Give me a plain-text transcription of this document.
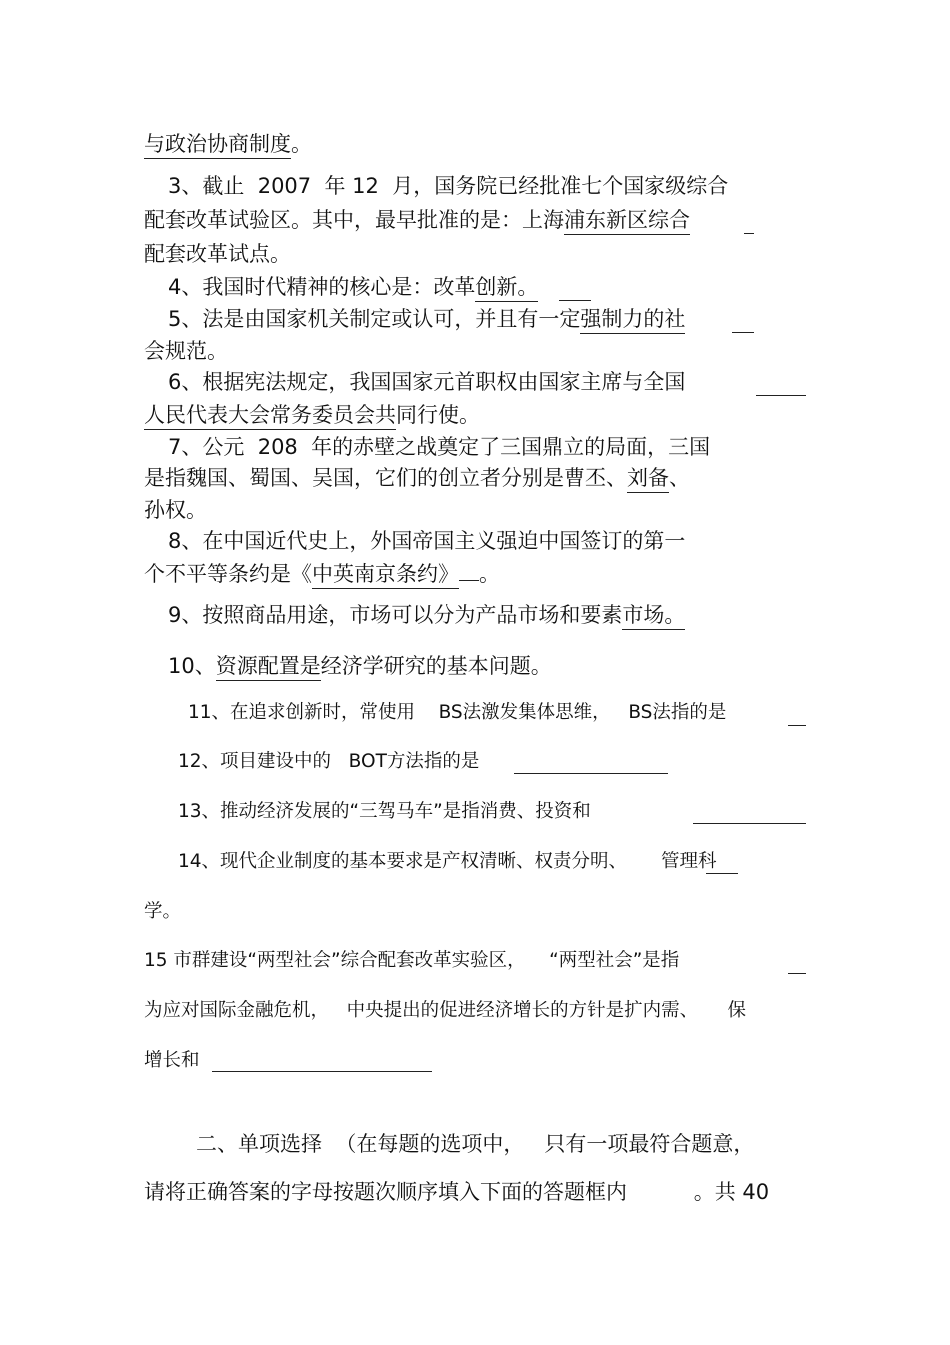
与政治协商制度。
3、截止  2007  年 12  月，国务院已经批准七个国家级综合
配套改革试验区。其中，最早批准的是：上海浦东新区综合
配套改革试点。
4、我国时代精神的核心是：改革创新。
5、法是由国家机关制定或认可，并且有一定强制力的社
会规范。
6、根据宪法规定，我国国家元首职权由国家主席与全国
人民代表大会常务委员会共同行使。
7、公元  208  年的赤壁之战奠定了三国鼎立的局面，三国
是指魏国、蜀国、吴国，它们的创立者分别是曹丕、刘备、
孙权。
8、在中国近代史上，外国帝国主义强迫中国签订的第一
个不平等条约是《中英南京条约》 。
9、按照商品用途，市场可以分为产品市场和要素市场。
10、资源配置是经济学研究的基本问题。
11、在追求创新时，常使用    BS法激发集体思维，   BS法指的是
12、项目建设中的   BOT方法指的是
13、推动经济发展的“三驾马车”是指消费、投资和
14、现代企业制度的基本要求是产权清晰、权责分明、 管理科
学。
15 市群建设“两型社会”综合配套改革实验区，    “两型社会”是指
为应对国际金融危机，   中央提出的促进经济增长的方针是扩内需、     保
增长和
二、单项选择  （在每题的选项中，   只有一项最符合题意，
请将正确答案的字母按题次顺序填入下面的答题框内          。共 40
